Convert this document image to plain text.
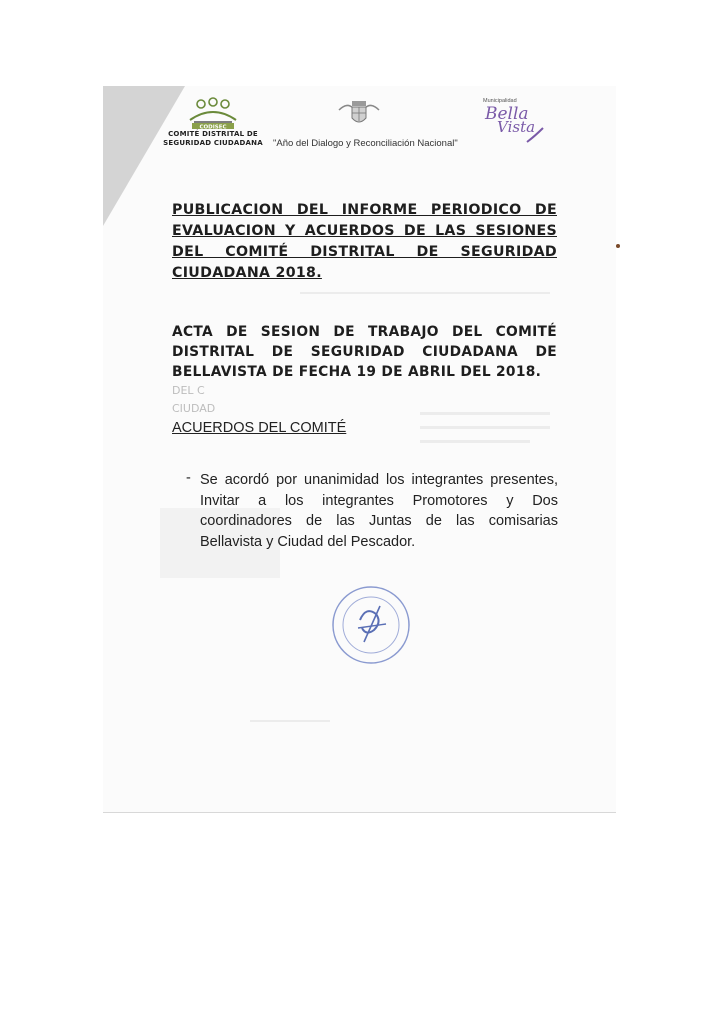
CODISEC
COMITÉ DISTRITAL DE
SEGURIDAD CIUDADANA "Año del Dialogo y Reconciliación Nacional"
Municipalidad
Bella
Vista
PUBLICACION DEL INFORME PERIODICO DE EVALUACION Y ACUERDOS DE LAS SESIONES DEL COMITÉ DISTRITAL DE SEGURIDAD CIUDADANA 2018.
ACTA DE SESION DE TRABAJO DEL COMITÉ DISTRITAL DE SEGURIDAD CIUDADANA DE BELLAVISTA DE FECHA 19 DE ABRIL DEL 2018.
DEL C
CIUDAD
ACUERDOS DEL COMITÉ
- Se acordó por unanimidad los integrantes presentes, Invitar a los integrantes Promotores y Dos coordinadores de las Juntas de las comisarias Bellavista y Ciudad del Pescador.
